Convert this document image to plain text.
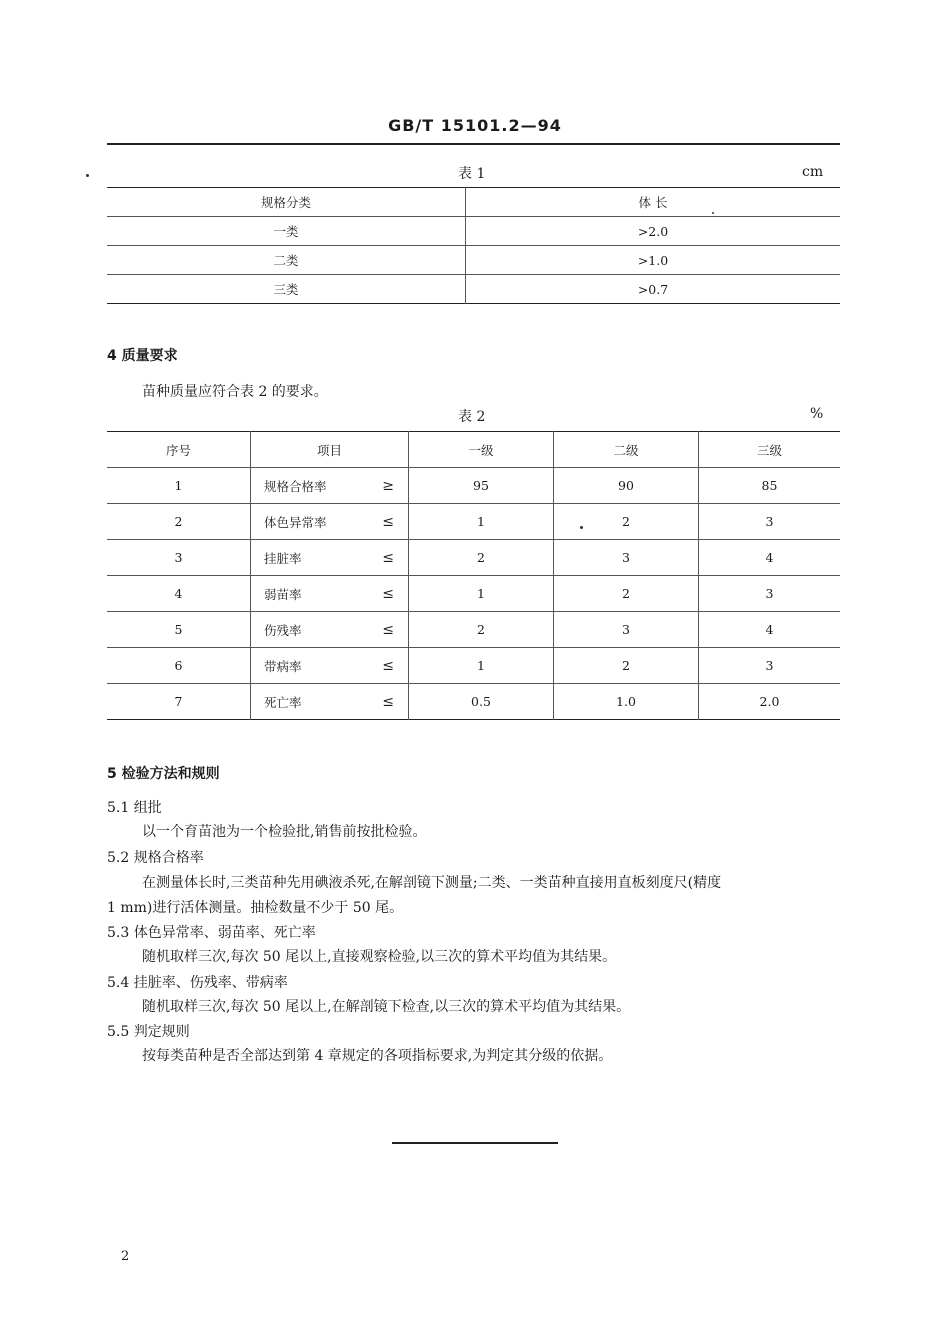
GB/T 15101.2—94
表 1	cm
规格分类	体 长
一类	>2.0
二类	>1.0
三类	>0.7
4 质量要求
苗种质量应符合表 2 的要求。
表 2	%
序号	项目	一级	二级	三级
1	规格合格率 ≥	95	90	85
2	体色异常率 ≤	1	2	3
3	挂脏率 ≤	2	3	4
4	弱苗率 ≤	1	2	3
5	伤残率 ≤	2	3	4
6	带病率 ≤	1	2	3
7	死亡率 ≤	0.5	1.0	2.0
5 检验方法和规则
5.1 组批
以一个育苗池为一个检验批,销售前按批检验。
5.2 规格合格率
在测量体长时,三类苗种先用碘液杀死,在解剖镜下测量;二类、一类苗种直接用直板刻度尺(精度
1 mm)进行活体测量。抽检数量不少于 50 尾。
5.3 体色异常率、弱苗率、死亡率
随机取样三次,每次 50 尾以上,直接观察检验,以三次的算术平均值为其结果。
5.4 挂脏率、伤残率、带病率
随机取样三次,每次 50 尾以上,在解剖镜下检查,以三次的算术平均值为其结果。
5.5 判定规则
按每类苗种是否全部达到第 4 章规定的各项指标要求,为判定其分级的依据。
2
